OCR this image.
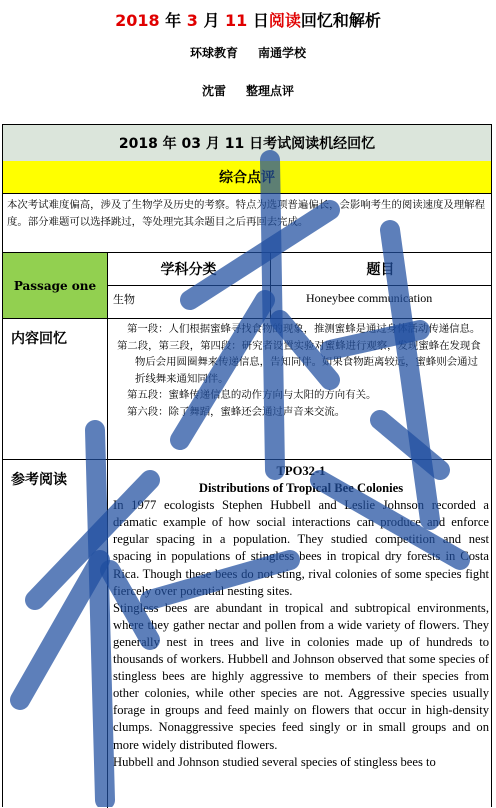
2018 年 3 月 11 日阅读回忆和解析
环球教育 南通学校
沈雷 整理点评
2018 年 03 月 11 日考试阅读机经回忆
综合点评
本次考试难度偏高，涉及了生物学及历史的考察。特点为选项普遍偏长，会影响考生的阅读速度及理解程度。部分难题可以选择跳过，等处理完其余题目之后再回去完成。
Passage one
学科分类	题目
生物	Honeybee communication
内容回忆

第一段：人们根据蜜蜂寻找食物的现象，推测蜜蜂是通过身体活动传递信息。

第二段，第三段，第四段：研究者设置实验对蜜蜂进行观察，发现蜜蜂在发现食物后会用圆圈舞来传递信息，告知同伴。如果食物距离较远，蜜蜂则会通过折线舞来通知同伴。

第五段：蜜蜂传递信息的动作方向与太阳的方向有关。

第六段：除了舞蹈，蜜蜂还会通过声音来交流。

参考阅读
TPO32-1
Distributions of Tropical Bee Colonies

In 1977 ecologists Stephen Hubbell and Leslie Johnson recorded a dramatic example of how social interactions can produce and enforce regular spacing in a population. They studied competition and nest spacing in populations of stingless bees in tropical dry forests in Costa Rica. Though these bees do not sting, rival colonies of some species fight fiercely over potential nesting sites.

Stingless bees are abundant in tropical and subtropical environments, where they gather nectar and pollen from a wide variety of flowers. They generally nest in trees and live in colonies made up of hundreds to thousands of workers. Hubbell and Johnson observed that some species of stingless bees are highly aggressive to members of their species from other colonies, while other species are not. Aggressive species usually forage in groups and feed mainly on flowers that occur in high-density clumps. Nonaggressive species feed singly or in small groups and on more widely distributed flowers.

Hubbell and Johnson studied several species of stingless bees to
